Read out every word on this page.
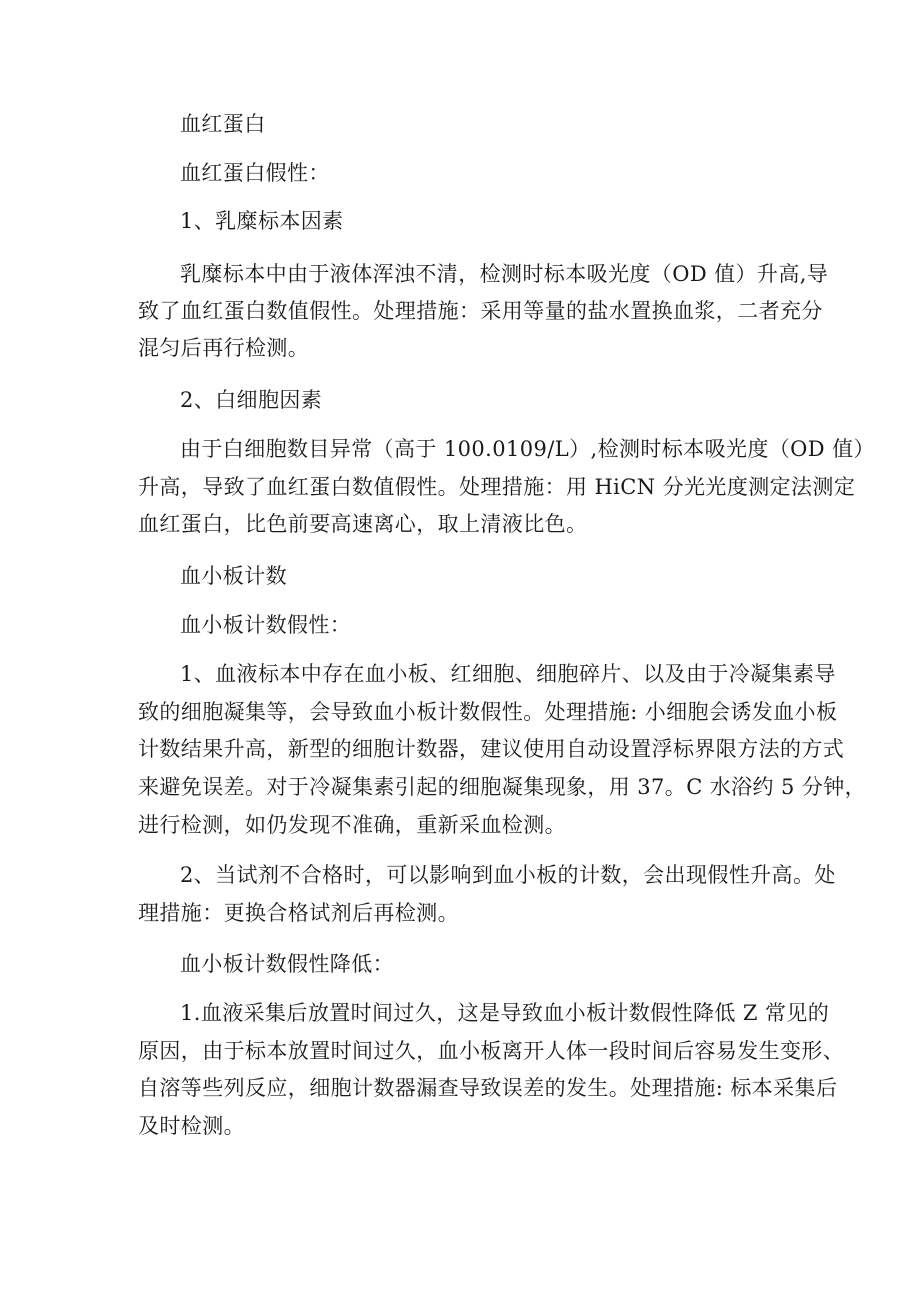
血红蛋白
血红蛋白假性：
1、乳糜标本因素
乳糜标本中由于液体浑浊不清，检测时标本吸光度（OD 值）升高,导
致了血红蛋白数值假性。处理措施：采用等量的盐水置换血浆，二者充分
混匀后再行检测。
2、白细胞因素
由于白细胞数目异常（高于 100.0109/L）,检测时标本吸光度（OD 值）
升高，导致了血红蛋白数值假性。处理措施：用 HiCN 分光光度测定法测定
血红蛋白，比色前要高速离心，取上清液比色。
血小板计数
血小板计数假性：
1、血液标本中存在血小板、红细胞、细胞碎片、以及由于冷凝集素导
致的细胞凝集等，会导致血小板计数假性。处理措施: 小细胞会诱发血小板
计数结果升高，新型的细胞计数器，建议使用自动设置浮标界限方法的方式
来避免误差。对于冷凝集素引起的细胞凝集现象，用 37。C 水浴约 5 分钟，
进行检测，如仍发现不准确，重新采血检测。
2、当试剂不合格时，可以影响到血小板的计数，会出现假性升高。处
理措施：更换合格试剂后再检测。
血小板计数假性降低：
1.血液采集后放置时间过久，这是导致血小板计数假性降低 Z 常见的
原因，由于标本放置时间过久，血小板离开人体一段时间后容易发生变形、
自溶等些列反应，细胞计数器漏查导致误差的发生。处理措施: 标本采集后
及时检测。
